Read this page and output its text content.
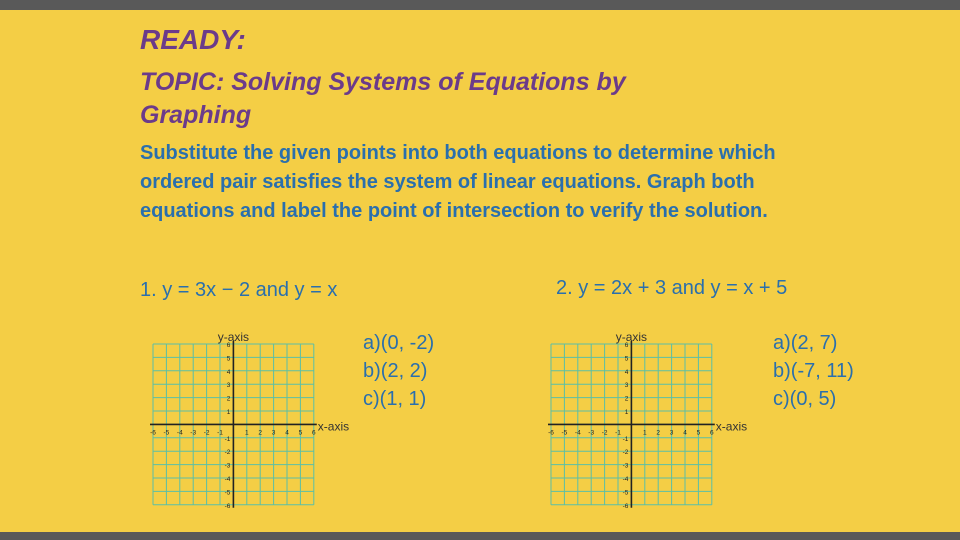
READY:
TOPIC: Solving Systems of Equations by Graphing

Substitute the given points into both equations to determine which ordered pair satisfies the system of linear equations. Graph both equations and label the point of intersection to verify the solution.

1. y = 3x − 2 and y = x	2. y = 2x + 3 and y = x + 5

a)(0, -2)
b)(2, 2)
c)(1, 1)
a)(2, 7)
b)(-7, 11)
c)(0, 5)
y-axis
-6 -5 -4 -3 -2 -1	1 2 3 4 5 6
6
5
4
3
2
1
-1
-2
-3
-4
-5
-6
x-axis
y-axis
-6 -5 -4 -3 -2 -1	1 2 3 4 5 6
6
5
4
3
2
1
-1
-2
-3
-4
-5
-6
x-axis
